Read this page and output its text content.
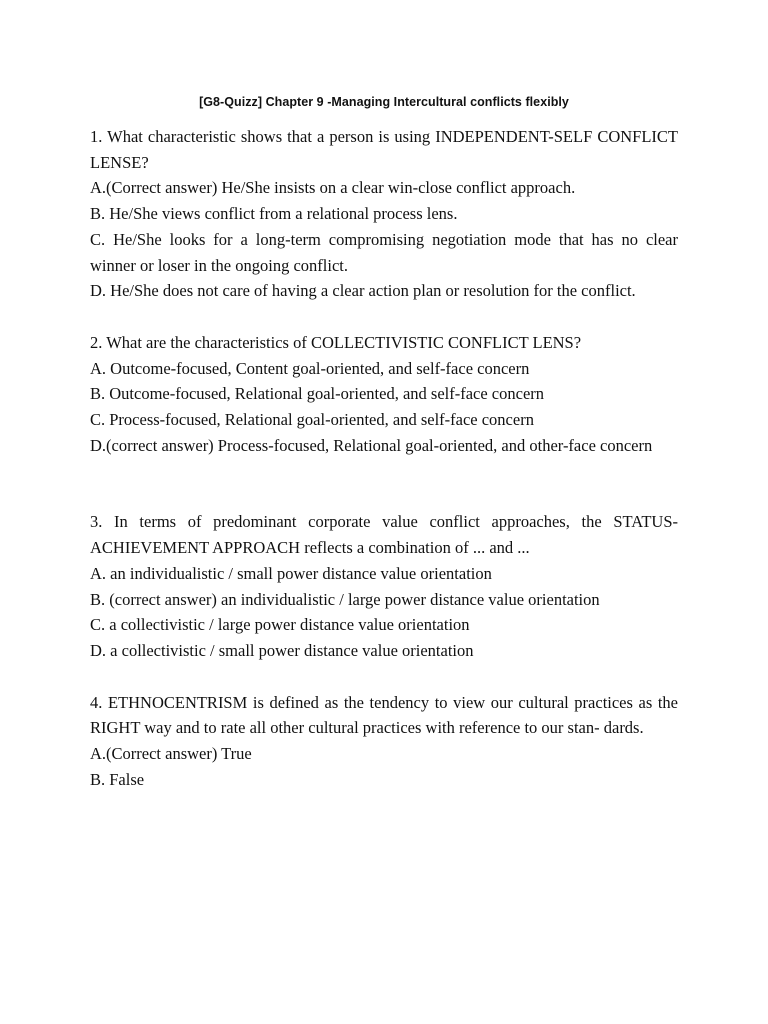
[G8-Quizz] Chapter 9 -Managing Intercultural conflicts flexibly

1. What characteristic shows that a person is using INDEPENDENT-SELF CONFLICT LENSE?

A.(Correct answer) He/She insists on a clear win-close conflict approach.

B. He/She views conflict from a relational process lens.

C. He/She looks for a long-term compromising negotiation mode that has no clear winner or loser in the ongoing conflict.

D. He/She does not care of having a clear action plan or resolution for the conflict.

2. What are the characteristics of COLLECTIVISTIC CONFLICT LENS?

A. Outcome-focused, Content goal-oriented, and self-face concern

B. Outcome-focused, Relational goal-oriented, and self-face concern

C. Process-focused, Relational goal-oriented, and self-face concern

D.(correct answer) Process-focused, Relational goal-oriented, and other-face concern

3. In terms of predominant corporate value conflict approaches, the STATUS-ACHIEVEMENT APPROACH reflects a combination of ... and ...

A. an individualistic / small power distance value orientation

B. (correct answer) an individualistic / large power distance value orientation

C. a collectivistic / large power distance value orientation

D. a collectivistic / small power distance value orientation

4. ETHNOCENTRISM is defined as the tendency to view our cultural practices as the RIGHT way and to rate all other cultural practices with reference to our stan- dards.

A.(Correct answer) True

B. False
